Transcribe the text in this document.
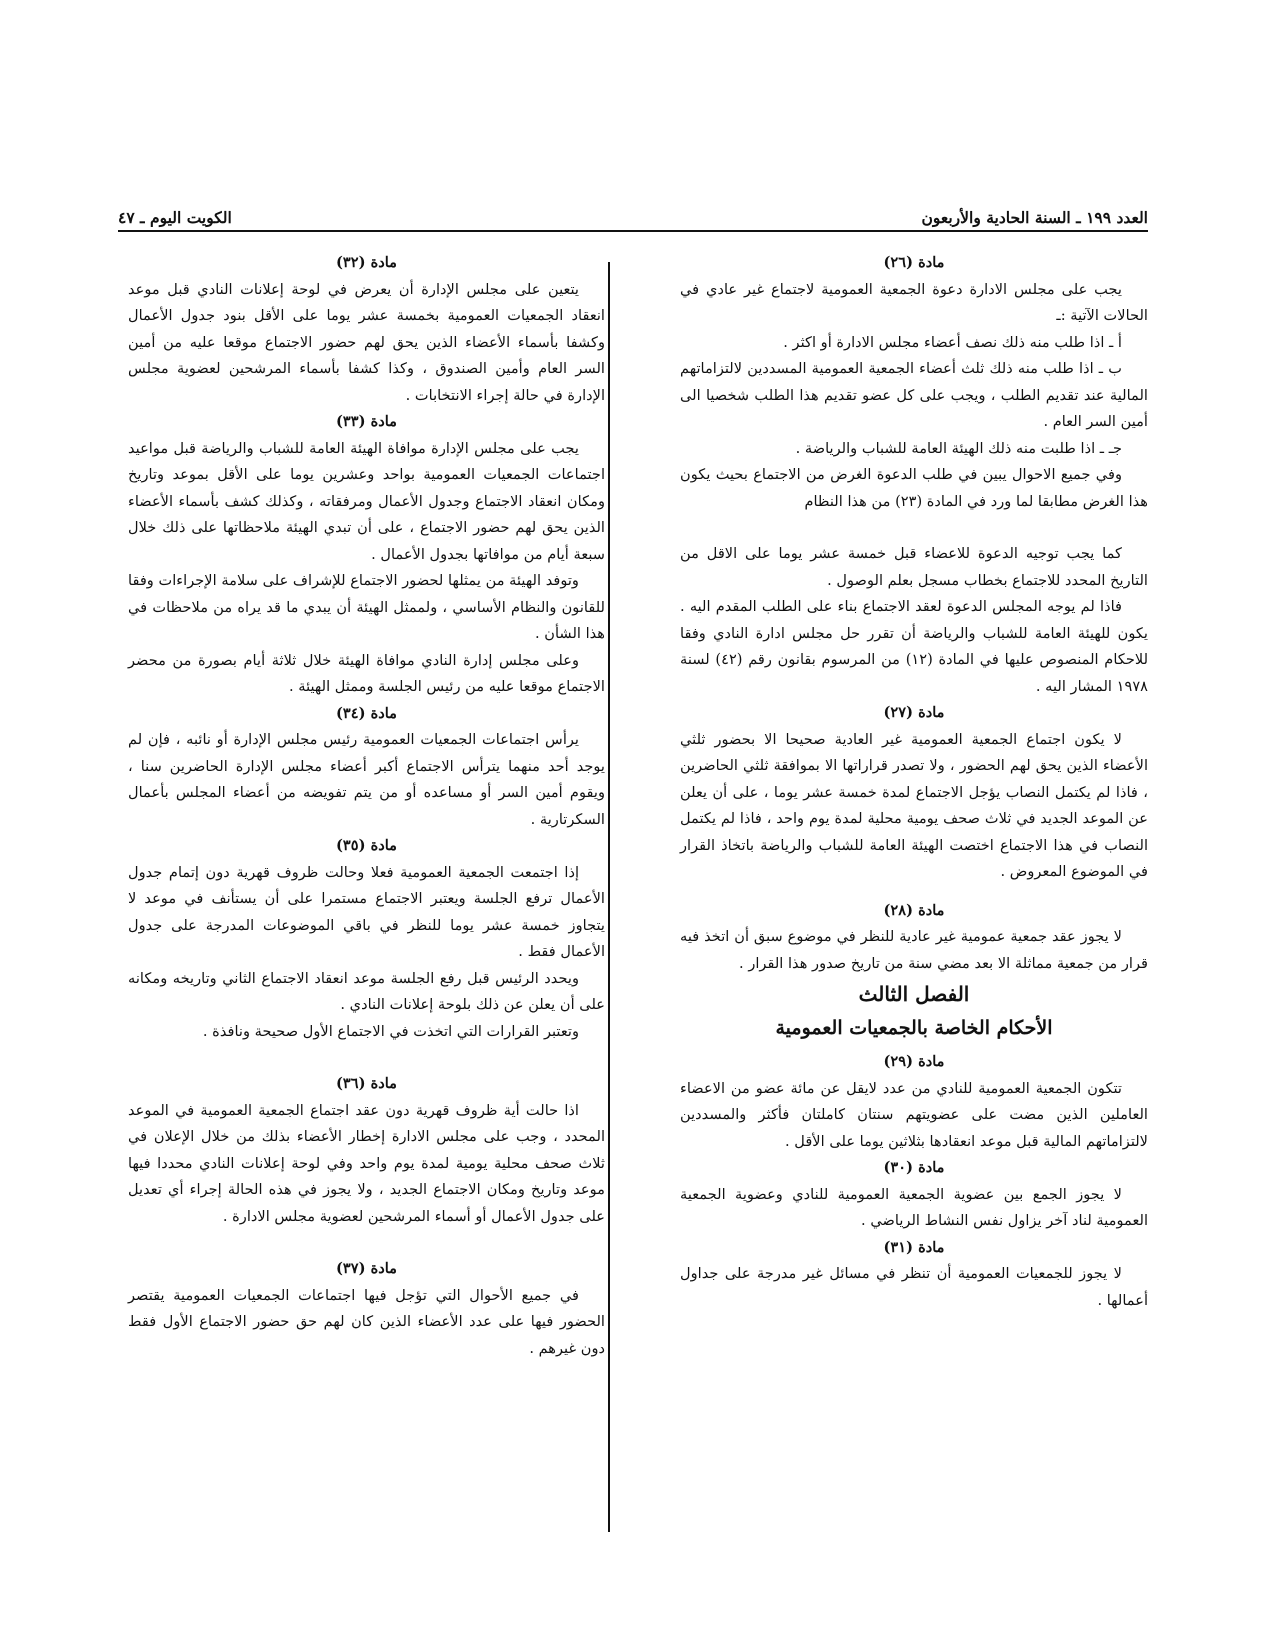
العدد ١٩٩ ـ السنة الحادية والأربعون
الكويت اليوم ـ ٤٧

مادة (٢٦)

يجب على مجلس الادارة دعوة الجمعية العمومية لاجتماع غير عادي في الحالات الآتية :ـ

أ ـ اذا طلب منه ذلك نصف أعضاء مجلس الادارة أو اكثر .

ب ـ اذا طلب منه ذلك ثلث أعضاء الجمعية العمومية المسددين لالتزاماتهم المالية عند تقديم الطلب ، ويجب على كل عضو تقديم هذا الطلب شخصيا الى أمين السر العام .

جـ ـ اذا طلبت منه ذلك الهيئة العامة للشباب والرياضة .

وفي جميع الاحوال يبين في طلب الدعوة الغرض من الاجتماع بحيث يكون هذا الغرض مطابقا لما ورد في المادة (٢٣) من هذا النظام

كما يجب توجيه الدعوة للاعضاء قبل خمسة عشر يوما على الاقل من التاريخ المحدد للاجتماع بخطاب مسجل بعلم الوصول .

فاذا لم يوجه المجلس الدعوة لعقد الاجتماع بناء على الطلب المقدم اليه . يكون للهيئة العامة للشباب والرياضة أن تقرر حل مجلس ادارة النادي وفقا للاحكام المنصوص عليها في المادة (١٢) من المرسوم بقانون رقم (٤٢) لسنة ١٩٧٨ المشار اليه .

مادة (٢٧)

لا يكون اجتماع الجمعية العمومية غير العادية صحيحا الا بحضور ثلثي الأعضاء الذين يحق لهم الحضور ، ولا تصدر قراراتها الا بموافقة ثلثي الحاضرين ، فاذا لم يكتمل النصاب يؤجل الاجتماع لمدة خمسة عشر يوما ، على أن يعلن عن الموعد الجديد في ثلاث صحف يومية محلية لمدة يوم واحد ، فاذا لم يكتمل النصاب في هذا الاجتماع اختصت الهيئة العامة للشباب والرياضة باتخاذ القرار في الموضوع المعروض .

مادة (٢٨)

لا يجوز عقد جمعية عمومية غير عادية للنظر في موضوع سبق أن اتخذ فيه قرار من جمعية مماثلة الا بعد مضي سنة من تاريخ صدور هذا القرار .

الفصل الثالث

الأحكام الخاصة بالجمعيات العمومية

مادة (٢٩)

تتكون الجمعية العمومية للنادي من عدد لايقل عن مائة عضو من الاعضاء العاملين الذين مضت على عضويتهم سنتان كاملتان فأكثر والمسددين لالتزاماتهم المالية قبل موعد انعقادها بثلاثين يوما على الأقل .

مادة (٣٠)

لا يجوز الجمع بين عضوية الجمعية العمومية للنادي وعضوية الجمعية العمومية لناد آخر يزاول نفس النشاط الرياضي .

مادة (٣١)

لا يجوز للجمعيات العمومية أن تنظر في مسائل غير مدرجة على جداول أعمالها .

مادة (٣٢)

يتعين على مجلس الإدارة أن يعرض في لوحة إعلانات النادي قبل موعد انعقاد الجمعيات العمومية بخمسة عشر يوما على الأقل بنود جدول الأعمال وكشفا بأسماء الأعضاء الذين يحق لهم حضور الاجتماع موقعا عليه من أمين السر العام وأمين الصندوق ، وكذا كشفا بأسماء المرشحين لعضوية مجلس الإدارة في حالة إجراء الانتخابات .

مادة (٣٣)

يجب على مجلس الإدارة موافاة الهيئة العامة للشباب والرياضة قبل مواعيد اجتماعات الجمعيات العمومية بواحد وعشرين يوما على الأقل بموعد وتاريخ ومكان انعقاد الاجتماع وجدول الأعمال ومرفقاته ، وكذلك كشف بأسماء الأعضاء الذين يحق لهم حضور الاجتماع ، على أن تبدي الهيئة ملاحظاتها على ذلك خلال سبعة أيام من موافاتها بجدول الأعمال .

وتوفد الهيئة من يمثلها لحضور الاجتماع للإشراف على سلامة الإجراءات وفقا للقانون والنظام الأساسي ، ولممثل الهيئة أن يبدي ما قد يراه من ملاحظات في هذا الشأن .

وعلى مجلس إدارة النادي موافاة الهيئة خلال ثلاثة أيام بصورة من محضر الاجتماع موقعا عليه من رئيس الجلسة وممثل الهيئة .

مادة (٣٤)

يرأس اجتماعات الجمعيات العمومية رئيس مجلس الإدارة أو نائبه ، فإن لم يوجد أحد منهما يترأس الاجتماع أكبر أعضاء مجلس الإدارة الحاضرين سنا ، ويقوم أمين السر أو مساعده أو من يتم تفويضه من أعضاء المجلس بأعمال السكرتارية .

مادة (٣٥)

إذا اجتمعت الجمعية العمومية فعلا وحالت ظروف قهرية دون إتمام جدول الأعمال ترفع الجلسة ويعتبر الاجتماع مستمرا على أن يستأنف في موعد لا يتجاوز خمسة عشر يوما للنظر في باقي الموضوعات المدرجة على جدول الأعمال فقط .

ويحدد الرئيس قبل رفع الجلسة موعد انعقاد الاجتماع الثاني وتاريخه ومكانه على أن يعلن عن ذلك بلوحة إعلانات النادي .

وتعتبر القرارات التي اتخذت في الاجتماع الأول صحيحة ونافذة .

مادة (٣٦)

اذا حالت أية ظروف قهرية دون عقد اجتماع الجمعية العمومية في الموعد المحدد ، وجب على مجلس الادارة إخطار الأعضاء بذلك من خلال الإعلان في ثلاث صحف محلية يومية لمدة يوم واحد وفي لوحة إعلانات النادي محددا فيها موعد وتاريخ ومكان الاجتماع الجديد ، ولا يجوز في هذه الحالة إجراء أي تعديل على جدول الأعمال أو أسماء المرشحين لعضوية مجلس الادارة .

مادة (٣٧)

في جميع الأحوال التي تؤجل فيها اجتماعات الجمعيات العمومية يقتصر الحضور فيها على عدد الأعضاء الذين كان لهم حق حضور الاجتماع الأول فقط دون غيرهم .
